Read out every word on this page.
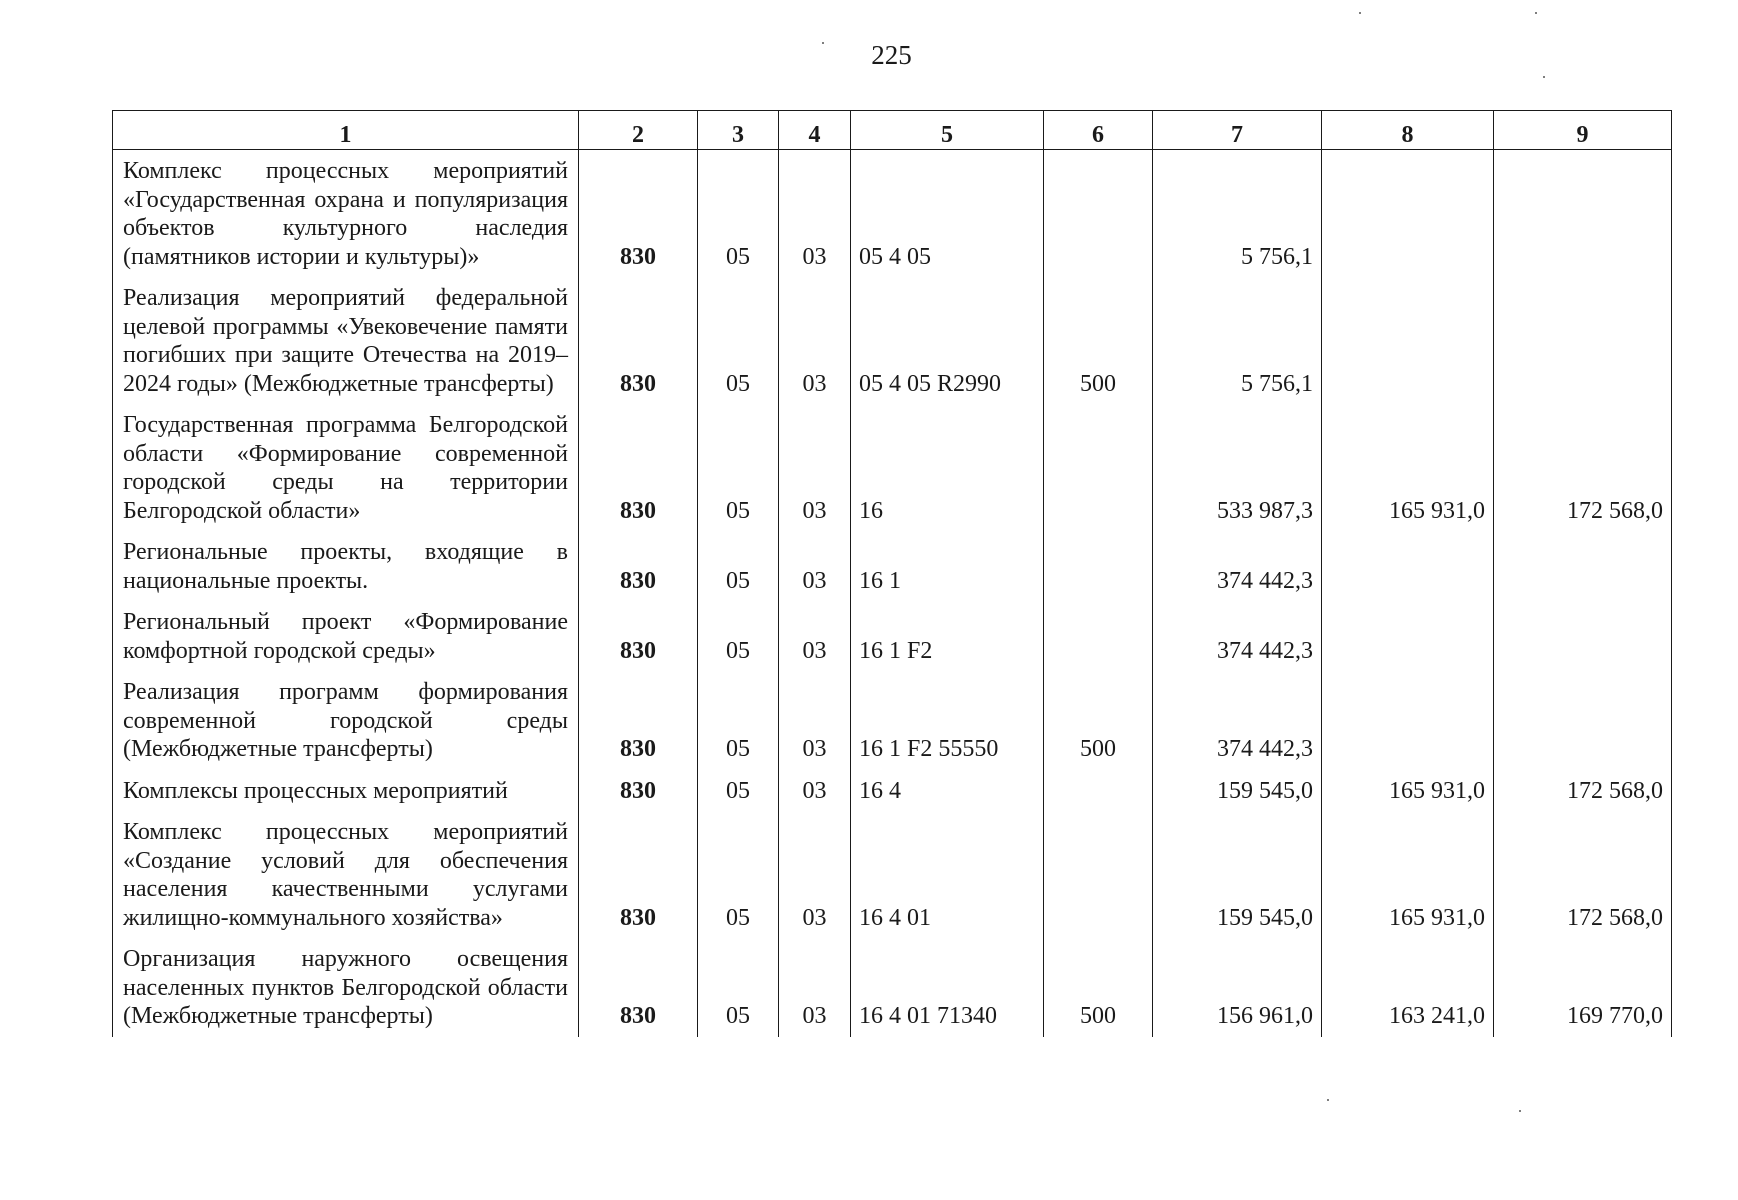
225
1	2	3	4	5	6	7	8	9
Комплекс процессных мероприятий «Государственная охрана и популяризация объектов культурного наследия (памятников истории и культуры)»	830	05	03	05 4 05		5 756,1		
Реализация мероприятий федеральной целевой программы «Увековечение памяти погибших при защите Отечества на 2019–2024 годы» (Межбюджетные трансферты)	830	05	03	05 4 05 R2990	500	5 756,1		
Государственная программа Белгородской области «Формирование современной городской среды на территории Белгородской области»	830	05	03	16		533 987,3	165 931,0	172 568,0
Региональные проекты, входящие в национальные проекты.	830	05	03	16 1		374 442,3		
Региональный проект «Формирование комфортной городской среды»	830	05	03	16 1 F2		374 442,3		
Реализация программ формирования современной городской среды (Межбюджетные трансферты)	830	05	03	16 1 F2 55550	500	374 442,3		
Комплексы процессных мероприятий	830	05	03	16 4		159 545,0	165 931,0	172 568,0
Комплекс процессных мероприятий «Создание условий для обеспечения населения качественными услугами жилищно-коммунального хозяйства»	830	05	03	16 4 01		159 545,0	165 931,0	172 568,0
Организация наружного освещения населенных пунктов Белгородской области (Межбюджетные трансферты)	830	05	03	16 4 01 71340	500	156 961,0	163 241,0	169 770,0
